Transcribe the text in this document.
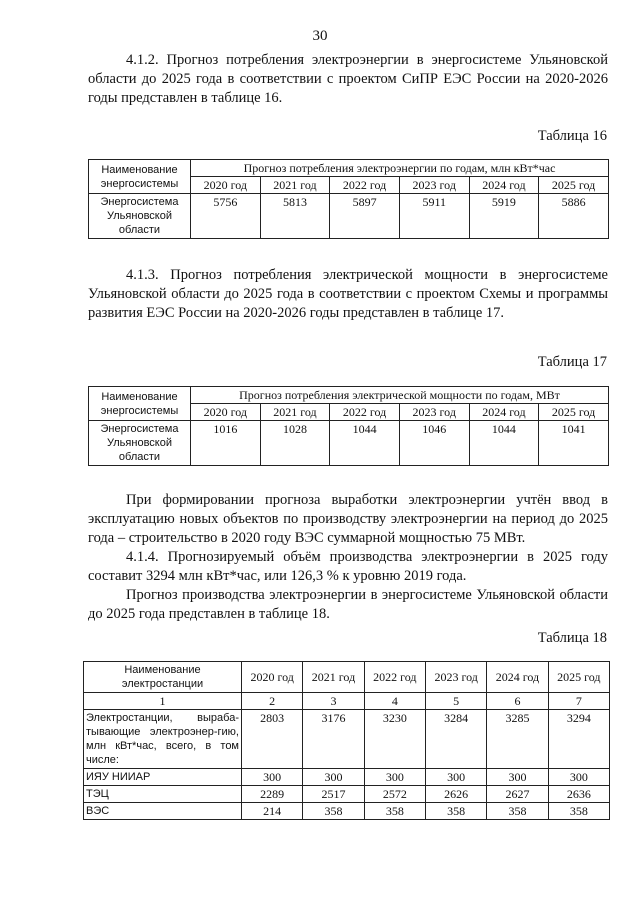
30
4.1.2. Прогноз потребления электроэнергии в энергосистеме Ульяновской области до 2025 года в соответствии с проектом СиПР ЕЭС России на 2020-2026 годы представлен в таблице 16.
Таблица 16
Наименование энергосистемы	Прогноз потребления электроэнергии по годам, млн кВт*час					
	2020 год	2021 год	2022 год	2023 год	2024 год	2025 год
Энергосистема Ульяновской области	5756	5813	5897	5911	5919	5886
4.1.3. Прогноз потребления электрической мощности в энергосистеме Ульяновской области до 2025 года в соответствии с проектом Схемы и программы развития ЕЭС России на 2020-2026 годы представлен в таблице 17.
Таблица 17
Наименование энергосистемы	Прогноз потребления электрической мощности по годам, МВт					
	2020 год	2021 год	2022 год	2023 год	2024 год	2025 год
Энергосистема Ульяновской области	1016	1028	1044	1046	1044	1041
При формировании прогноза выработки электроэнергии учтён ввод в эксплуатацию новых объектов по производству электроэнергии на период до 2025 года – строительство в 2020 году ВЭС суммарной мощностью 75 МВт.
4.1.4. Прогнозируемый объём производства электроэнергии в 2025 году составит 3294 млн кВт*час, или 126,3 % к уровню 2019 года.
Прогноз производства электроэнергии в энергосистеме Ульяновской области до 2025 года представлен в таблице 18.
Таблица 18
Наименование электростанции	2020 год	2021 год	2022 год	2023 год	2024 год	2025 год
1	2	3	4	5	6	7
Электростанции, выраба-тывающие электроэнер-гию, млн кВт*час, всего, в том числе:	2803	3176	3230	3284	3285	3294
ИЯУ НИИАР	300	300	300	300	300	300
ТЭЦ	2289	2517	2572	2626	2627	2636
ВЭС	214	358	358	358	358	358
